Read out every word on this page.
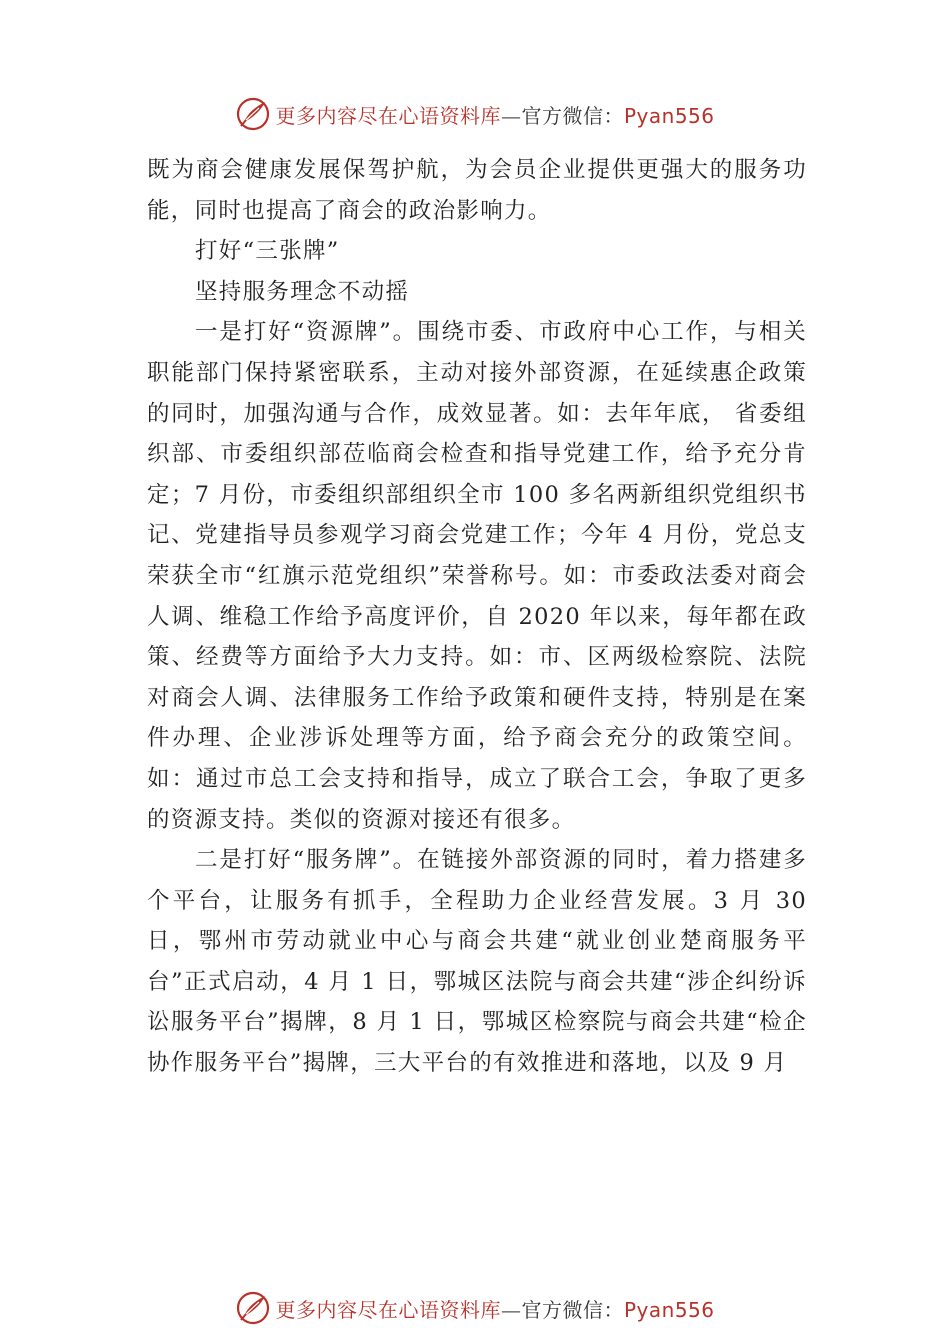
更多内容尽在心语资料库—官方微信：Pyan556

既为商会健康发展保驾护航，为会员企业提供更强大的服务功能，同时也提高了商会的政治影响力。

打好“三张牌”

坚持服务理念不动摇

一是打好“资源牌”。围绕市委、市政府中心工作，与相关职能部门保持紧密联系，主动对接外部资源，在延续惠企政策的同时，加强沟通与合作，成效显著。如：去年年底， 省委组织部、市委组织部莅临商会检查和指导党建工作，给予充分肯定；7 月份，市委组织部组织全市 100 多名两新组织党组织书记、党建指导员参观学习商会党建工作；今年 4 月份，党总支荣获全市“红旗示范党组织”荣誉称号。如：市委政法委对商会人调、维稳工作给予高度评价，自 2020 年以来，每年都在政策、经费等方面给予大力支持。如：市、区两级检察院、法院对商会人调、法律服务工作给予政策和硬件支持，特别是在案件办理、企业涉诉处理等方面，给予商会充分的政策空间。如：通过市总工会支持和指导，成立了联合工会，争取了更多的资源支持。类似的资源对接还有很多。

二是打好“服务牌”。在链接外部资源的同时，着力搭建多个平台，让服务有抓手，全程助力企业经营发展。3 月 30 日，鄂州市劳动就业中心与商会共建“就业创业楚商服务平台”正式启动，4 月 1 日，鄂城区法院与商会共建“涉企纠纷诉讼服务平台”揭牌，8 月 1 日，鄂城区检察院与商会共建“检企协作服务平台”揭牌，三大平台的有效推进和落地，以及 9 月

更多内容尽在心语资料库—官方微信：Pyan556
